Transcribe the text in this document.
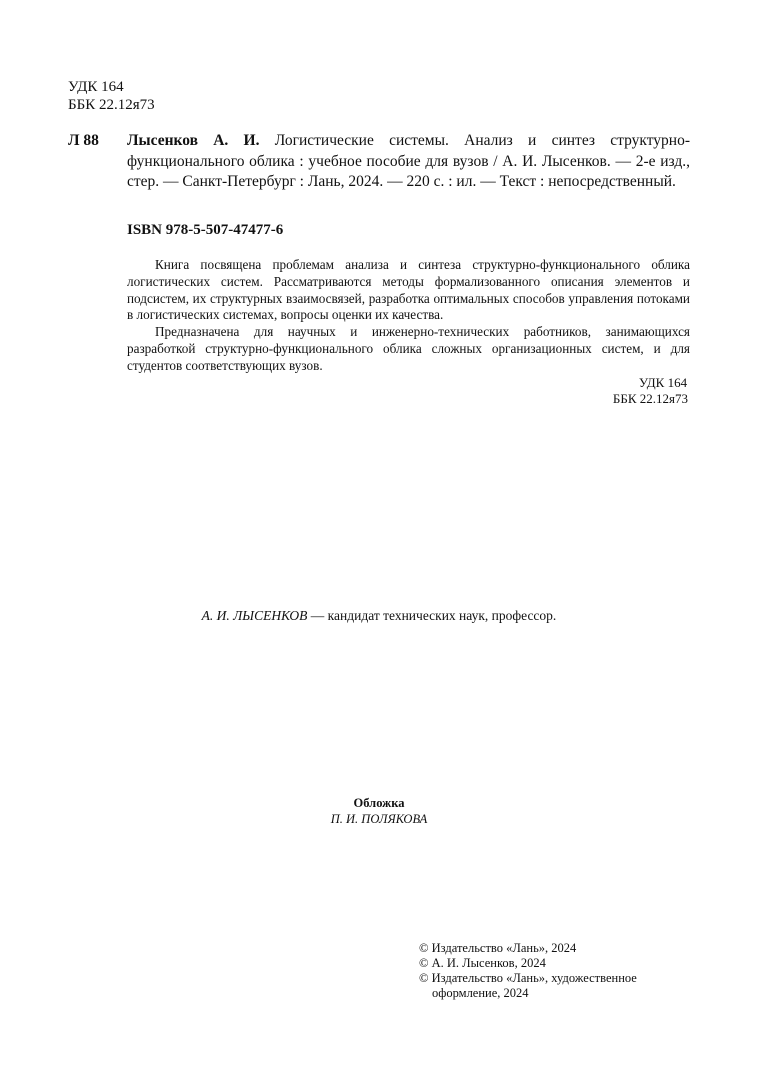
УДК 164
ББК 22.12я73
Л 88 Лысенков А. И. Логистические системы. Анализ и синтез структурно-функционального облика : учебное пособие для вузов / А. И. Лысенков. — 2-е изд., стер. — Санкт-Петербург : Лань, 2024. — 220 с. : ил. — Текст : непосредственный.
ISBN 978-5-507-47477-6

Книга посвящена проблемам анализа и синтеза структурно-функционального облика логистических систем. Рассматриваются методы формализованного описания элементов и подсистем, их структурных взаимосвязей, разработка оптимальных способов управления потоками в логистических системах, вопросы оценки их качества.

Предназначена для научных и инженерно-технических работников, занимающихся разработкой структурно-функционального облика сложных организационных систем, и для студентов соответствующих вузов.

УДК 164
ББК 22.12я73
А. И. ЛЫСЕНКОВ — кандидат технических наук, профессор.
Обложка
П. И. ПОЛЯКОВА
© Издательство «Лань», 2024
© А. И. Лысенков, 2024
© Издательство «Лань», художественное
оформление, 2024
